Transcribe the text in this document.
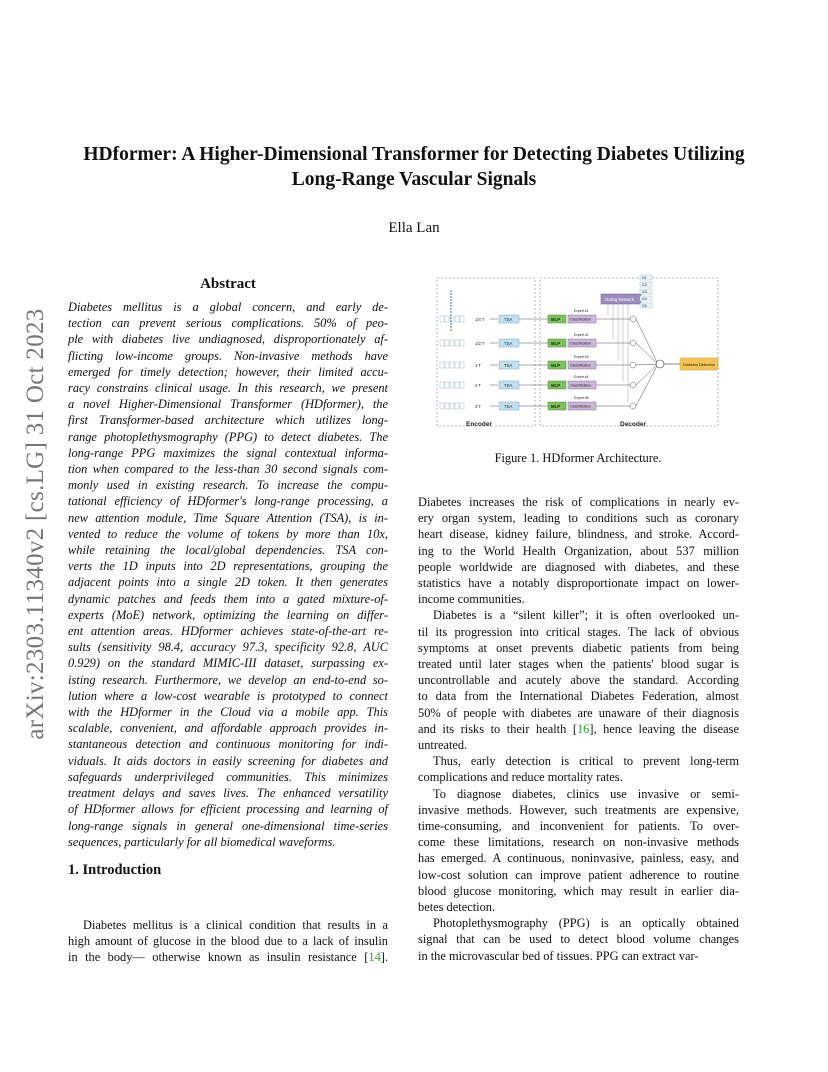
arXiv:2303.11340v2 [cs.LG] 31 Oct 2023
HDformer: A Higher-Dimensional Transformer for Detecting Diabetes Utilizing
Long-Range Vascular Signals
Ella Lan
Abstract
Diabetes mellitus is a global concern, and early de-
tection can prevent serious complications. 50% of peo-
ple with diabetes live undiagnosed, disproportionately af-
flicting low-income groups. Non-invasive methods have
emerged for timely detection; however, their limited accu-
racy constrains clinical usage. In this research, we present
a novel Higher-Dimensional Transformer (HDformer), the
first Transformer-based architecture which utilizes long-
range photoplethysmography (PPG) to detect diabetes. The
long-range PPG maximizes the signal contextual informa-
tion when compared to the less-than 30 second signals com-
monly used in existing research. To increase the compu-
tational efficiency of HDformer's long-range processing, a
new attention module, Time Square Attention (TSA), is in-
vented to reduce the volume of tokens by more than 10x,
while retaining the local/global dependencies. TSA con-
verts the 1D inputs into 2D representations, grouping the
adjacent points into a single 2D token. It then generates
dynamic patches and feeds them into a gated mixture-of-
experts (MoE) network, optimizing the learning on differ-
ent attention areas. HDformer achieves state-of-the-art re-
sults (sensitivity 98.4, accuracy 97.3, specificity 92.8, AUC
0.929) on the standard MIMIC-III dataset, surpassing ex-
isting research. Furthermore, we develop an end-to-end so-
lution where a low-cost wearable is prototyped to connect
with the HDformer in the Cloud via a mobile app. This
scalable, convenient, and affordable approach provides in-
stantaneous detection and continuous monitoring for indi-
viduals. It aids doctors in easily screening for diabetes and
safeguards underprivileged communities. This minimizes
treatment delays and saves lives. The enhanced versatility
of HDformer allows for efficient processing and learning of
long-range signals in general one-dimensional time-series
sequences, particularly for all biomedical waveforms.
1. Introduction
Diabetes mellitus is a clinical condition that results in a
high amount of glucose in the blood due to a lack of insulin
in the body— otherwise known as insulin resistance [14].
Encoder	Decoder
Gating Network
G1
G2
G3
G4
G5
1/4 T	TSA
Expert #1
MLP	Classification
1/2 T	TSA
Expert #2
MLP	Classification
1 T	TSA
Expert #3
MLP	Classification
2 T	TSA
Expert #4
MLP	Classification
4 T	TSA
Expert #5
MLP	Classification
Diabetes Detection
Figure 1. HDformer Architecture.
Diabetes increases the risk of complications in nearly ev-
ery organ system, leading to conditions such as coronary
heart disease, kidney failure, blindness, and stroke. Accord-
ing to the World Health Organization, about 537 million
people worldwide are diagnosed with diabetes, and these
statistics have a notably disproportionate impact on lower-
income communities.
Diabetes is a “silent killer”; it is often overlooked un-
til its progression into critical stages. The lack of obvious
symptoms at onset prevents diabetic patients from being
treated until later stages when the patients' blood sugar is
uncontrollable and acutely above the standard. According
to data from the International Diabetes Federation, almost
50% of people with diabetes are unaware of their diagnosis
and its risks to their health [16], hence leaving the disease
untreated.
Thus, early detection is critical to prevent long-term
complications and reduce mortality rates.
To diagnose diabetes, clinics use invasive or semi-
invasive methods. However, such treatments are expensive,
time-consuming, and inconvenient for patients. To over-
come these limitations, research on non-invasive methods
has emerged. A continuous, noninvasive, painless, easy, and
low-cost solution can improve patient adherence to routine
blood glucose monitoring, which may result in earlier dia-
betes detection.
Photoplethysmography (PPG) is an optically obtained
signal that can be used to detect blood volume changes
in the microvascular bed of tissues. PPG can extract var-
